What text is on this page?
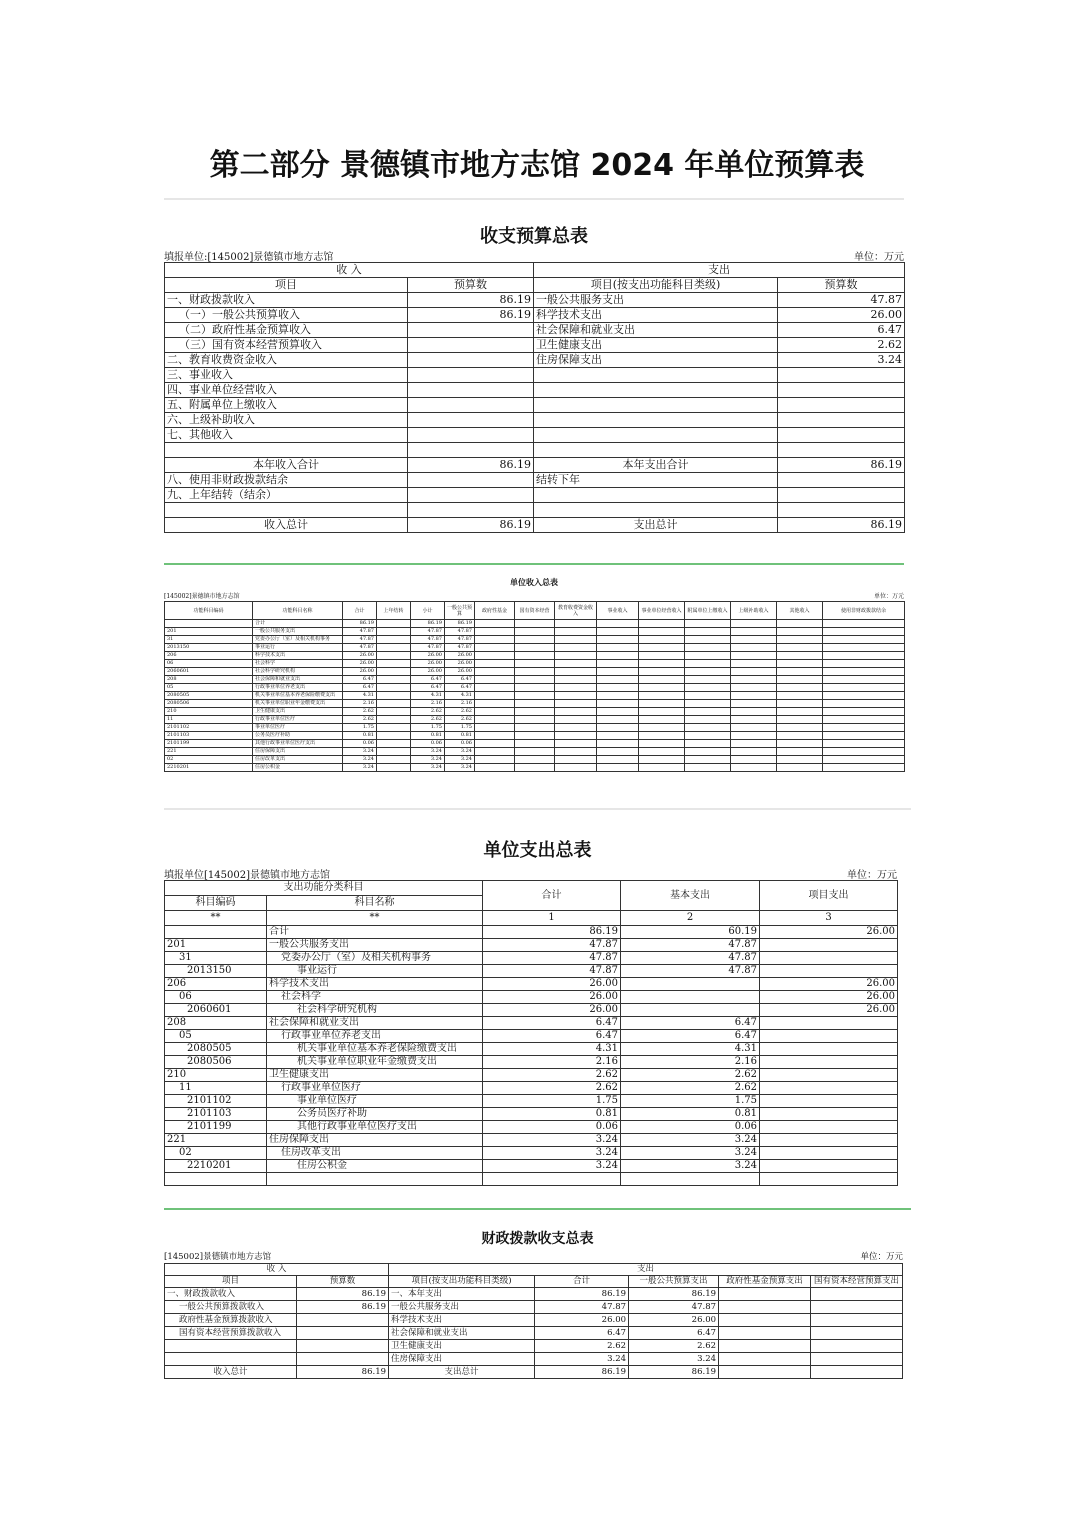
第二部分 景德镇市地方志馆 2024 年单位预算表
收支预算总表
填报单位:[145002]景德镇市地方志馆	单位：万元
收 入		支出	
项目	预算数	项目(按支出功能科目类级)	预算数
一、财政拨款收入	86.19	一般公共服务支出	47.87
（一）一般公共预算收入	86.19	科学技术支出	26.00
（二）政府性基金预算收入		社会保障和就业支出	6.47
（三）国有资本经营预算收入		卫生健康支出	2.62
二、教育收费资金收入		住房保障支出	3.24
三、事业收入			
四、事业单位经营收入			
五、附属单位上缴收入			
六、上级补助收入			
七、其他收入			

本年收入合计	86.19	本年支出合计	86.19
八、使用非财政拨款结余		结转下年	
九、上年结转（结余）			

收入总计	86.19	支出总计	86.19
单位收入总表
[145002]景德镇市地方志馆	单位：万元
功能科目编码	功能科目名称	合计	上年结转	小计	一般公共预算	政府性基金	国有资本经营	教育收费资金收入	事业收入	事业单位经营收入	附属单位上缴收入	上级补助收入	其他收入	使用非财政拨款结余
	合计	86.19		86.19	86.19									
201	一般公共服务支出	47.87		47.87	47.87									
31	党委办公厅（室）及相关机构事务	47.87		47.87	47.87									
2013150	事业运行	47.87		47.87	47.87									
206	科学技术支出	26.00		26.00	26.00									
06	社会科学	26.00		26.00	26.00									
2060601	社会科学研究机构	26.00		26.00	26.00									
208	社会保障和就业支出	6.47		6.47	6.47									
05	行政事业单位养老支出	6.47		6.47	6.47									
2080505	机关事业单位基本养老保险缴费支出	4.31		4.31	4.31									
2080506	机关事业单位职业年金缴费支出	2.16		2.16	2.16									
210	卫生健康支出	2.62		2.62	2.62									
11	行政事业单位医疗	2.62		2.62	2.62									
2101102	事业单位医疗	1.75		1.75	1.75									
2101103	公务员医疗补助	0.81		0.81	0.81									
2101199	其他行政事业单位医疗支出	0.06		0.06	0.06									
221	住房保障支出	3.24		3.24	3.24									
02	住房改革支出	3.24		3.24	3.24									
2210201	住房公积金	3.24		3.24	3.24									
单位支出总表
填报单位[145002]景德镇市地方志馆	单位：万元
支出功能分类科目		合计	基本支出	项目支出
科目编码	科目名称			
**	**	1	2	3
	合计	86.19	60.19	26.00
201	一般公共服务支出	47.87	47.87	
31	党委办公厅（室）及相关机构事务	47.87	47.87	
2013150	事业运行	47.87	47.87	
206	科学技术支出	26.00		26.00
06	社会科学	26.00		26.00
2060601	社会科学研究机构	26.00		26.00
208	社会保障和就业支出	6.47	6.47	
05	行政事业单位养老支出	6.47	6.47	
2080505	机关事业单位基本养老保险缴费支出	4.31	4.31	
2080506	机关事业单位职业年金缴费支出	2.16	2.16	
210	卫生健康支出	2.62	2.62	
11	行政事业单位医疗	2.62	2.62	
2101102	事业单位医疗	1.75	1.75	
2101103	公务员医疗补助	0.81	0.81	
2101199	其他行政事业单位医疗支出	0.06	0.06	
221	住房保障支出	3.24	3.24	
02	住房改革支出	3.24	3.24	
2210201	住房公积金	3.24	3.24	

财政拨款收支总表
[145002]景德镇市地方志馆	单位：万元
收 入		支出				
项目	预算数	项目(按支出功能科目类级)	合计	一般公共预算支出	政府性基金预算支出	国有资本经营预算支出
一、财政拨款收入	86.19	一、本年支出	86.19	86.19		
一般公共预算拨款收入	86.19	一般公共服务支出	47.87	47.87		
政府性基金预算拨款收入		科学技术支出	26.00	26.00		
国有资本经营预算拨款收入		社会保障和就业支出	6.47	6.47		
		卫生健康支出	2.62	2.62		
		住房保障支出	3.24	3.24		
收入总计	86.19	支出总计	86.19	86.19		
